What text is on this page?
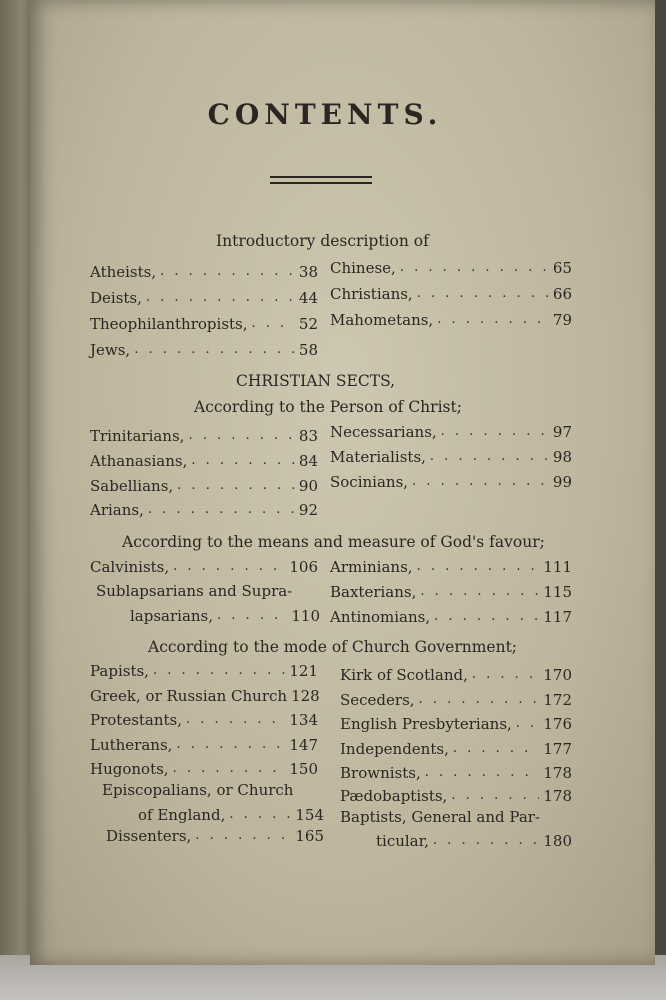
CONTENTS.
Introductory description of
Atheists, . . .	38
Deists, . . .	44
Theophilanthropists, . . .	52
Jews, . . .	58
Chinese, . . .	65
Christians, . . .	66
Mahometans, . . .	79
CHRISTIAN SECTS,
According to the Person of Christ;
Trinitarians, . . .	83
Athanasians, . . .	84
Sabellians, . . .	90
Arians, . . .	92
Necessarians, . . .	97
Materialists, . . .	98
Socinians, . . .	99
According to the means and measure of God's favour;
Calvinists, . . .	106
Sublapsarians and Supra-
lapsarians, . . .	110
Arminians, . . .	111
Baxterians, . . .	115
Antinomians, . . .	117
According to the mode of Church Government;
Papists, . . .	121
Greek, or Russian Church 128
Protestants, . . .	134
Lutherans, . . .	147
Hugonots, . . .	150
Episcopalians, or Church
of England, . . .	154
Dissenters, . . .	165
Kirk of Scotland, . . .	170
Seceders, . . .	172
English Presbyterians, . . . 176
Independents, . . .	177
Brownists, . . .	178
Pædobaptists, . . .	178
Baptists, General and Par-
ticular, . . .	180
